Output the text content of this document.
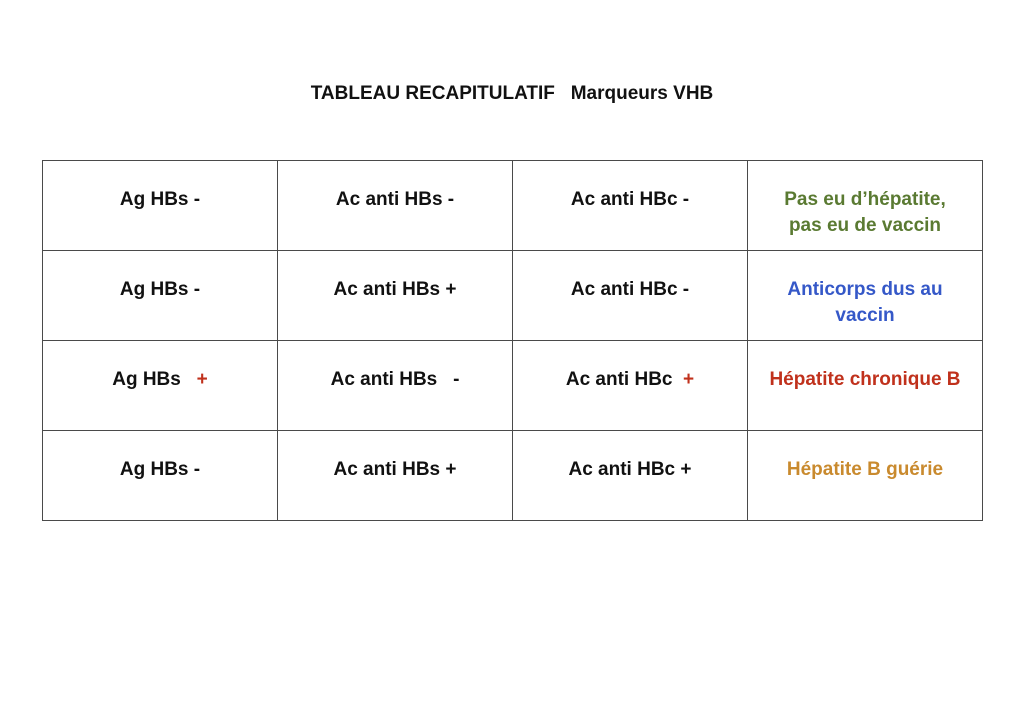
TABLEAU RECAPITULATIF   Marqueurs VHB
Ag HBs -	Ac anti HBs -	Ac anti HBc -	Pas eu d’hépatite,
pas eu de vaccin
Ag HBs -	Ac anti HBs +	Ac anti HBc -	Anticorps dus au
vaccin
Ag HBs   +	Ac anti HBs   -	Ac anti HBc  +	Hépatite chronique B

Ag HBs -	Ac anti HBs +	Ac anti HBc +	Hépatite B guérie
